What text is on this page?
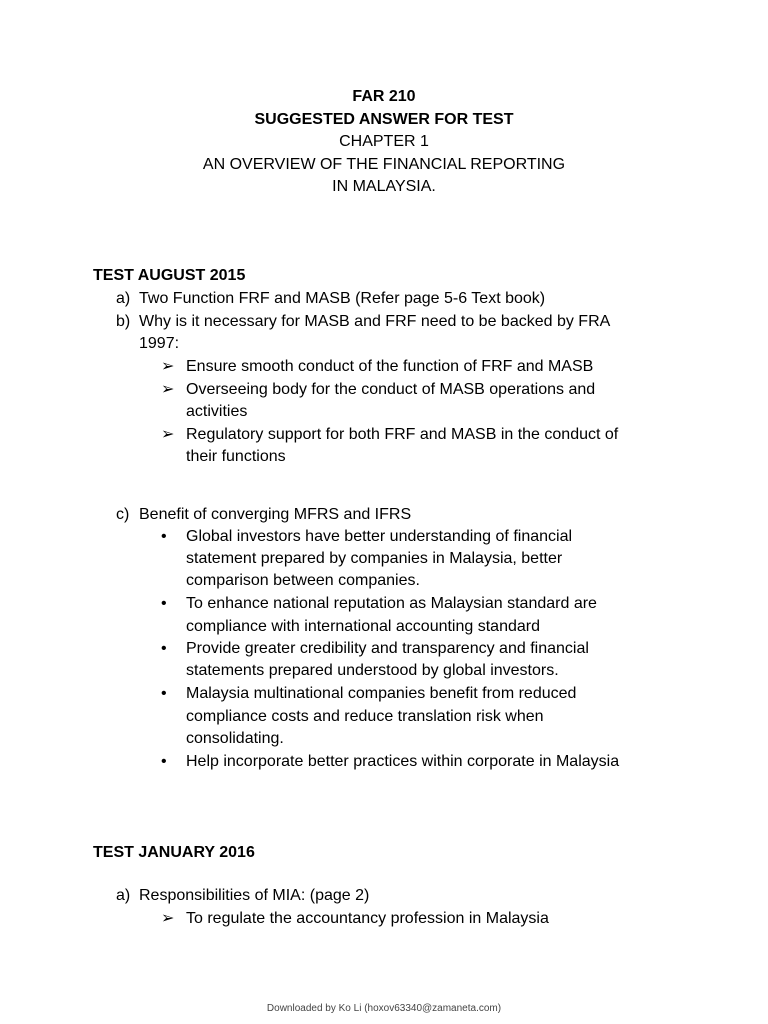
FAR 210
SUGGESTED ANSWER FOR TEST
CHAPTER 1
AN OVERVIEW OF THE FINANCIAL REPORTING
IN MALAYSIA.
TEST AUGUST 2015
a) Two Function FRF and MASB (Refer page 5-6 Text book)
b) Why is it necessary for MASB and FRF need to be backed by FRA
1997:
➢ Ensure smooth conduct of the function of FRF and MASB
➢ Overseeing body for the conduct of MASB operations and
activities
➢ Regulatory support for both FRF and MASB in the conduct of
their functions
c) Benefit of converging MFRS and IFRS
•	Global investors have better understanding of financial
statement prepared by companies in Malaysia, better
comparison between companies.
•	To enhance national reputation as Malaysian standard are
compliance with international accounting standard
•	Provide greater credibility and transparency and financial
statements prepared understood by global investors.
•	Malaysia multinational companies benefit from reduced
compliance costs and reduce translation risk when
consolidating.
•	Help incorporate better practices within corporate in Malaysia
TEST JANUARY 2016
a) Responsibilities of MIA: (page 2)
➢ To regulate the accountancy profession in Malaysia
Downloaded by Ko Li (hoxov63340@zamaneta.com)
